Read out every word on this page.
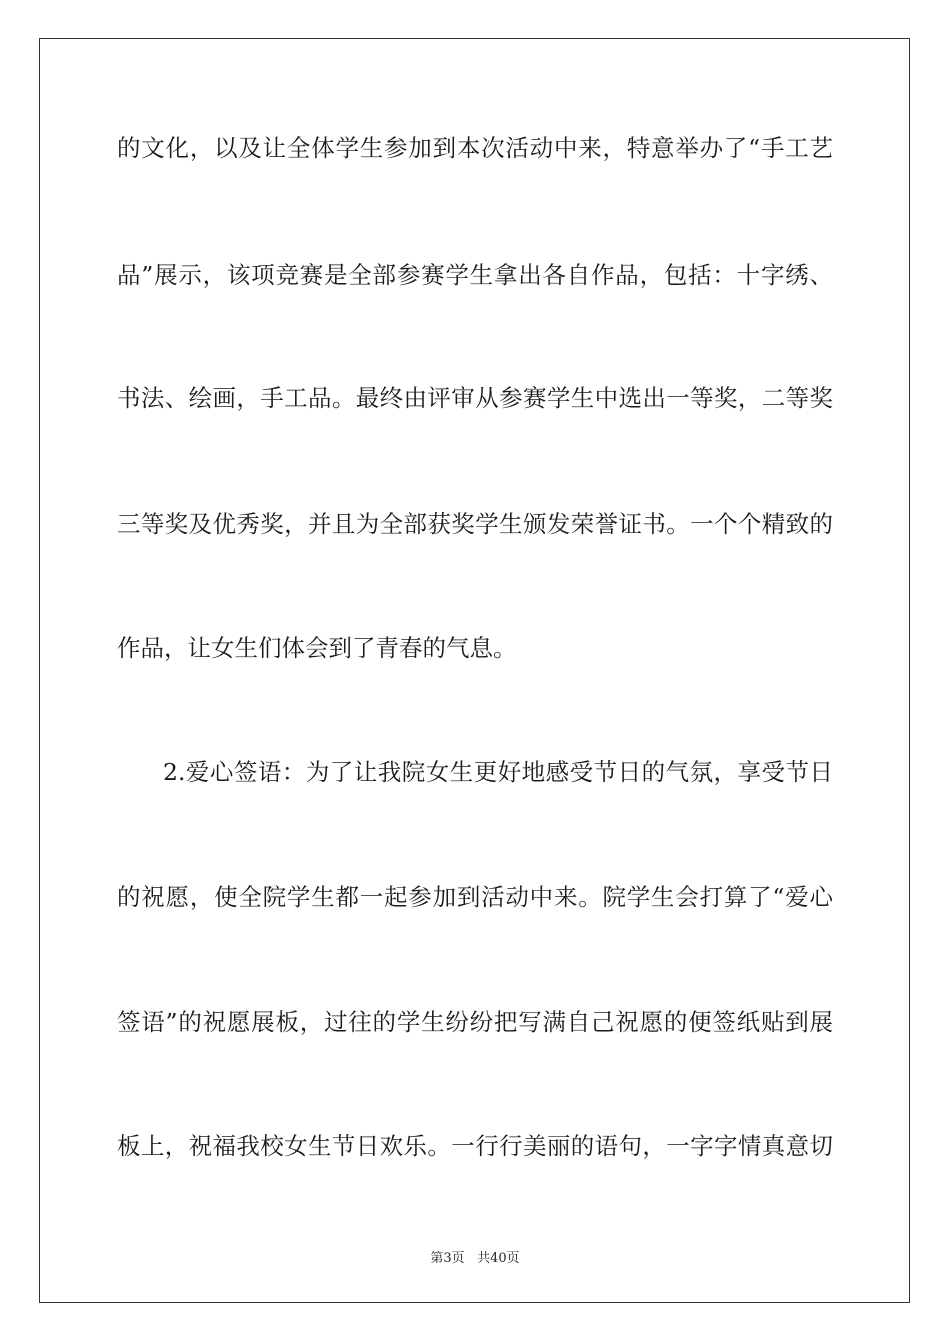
的文化，以及让全体学生参加到本次活动中来，特意举办了“手工艺
品”展示，该项竞赛是全部参赛学生拿出各自作品，包括：十字绣、
书法、绘画，手工品。最终由评审从参赛学生中选出一等奖，二等奖
三等奖及优秀奖，并且为全部获奖学生颁发荣誉证书。一个个精致的
作品，让女生们体会到了青春的气息。
2.爱心签语：为了让我院女生更好地感受节日的气氛，享受节日
的祝愿，使全院学生都一起参加到活动中来。院学生会打算了“爱心
签语”的祝愿展板，过往的学生纷纷把写满自己祝愿的便签纸贴到展
板上，祝福我校女生节日欢乐。一行行美丽的语句，一字字情真意切
第3页 共40页
